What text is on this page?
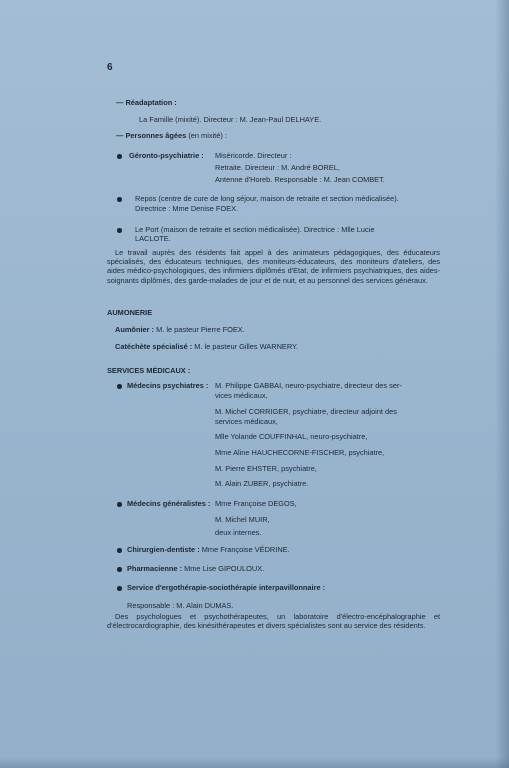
6
— Réadaptation :
La Famille (mixité). Directeur : M. Jean-Paul DELHAYE.
— Personnes âgées (en mixité) :
Géronto-psychiatrie : Miséricorde. Directeur :
Retraite. Directeur : M. André BOREL,
Antenne d'Horeb. Responsable : M. Jean COMBET.
Repos (centre de cure de long séjour, maison de retraite et section médicalisée).
Directrice : Mme Denise FOEX.
Le Port (maison de retraite et section médicalisée). Directrice : Mlle Lucie
LACLOTE.
Le travail auprès des résidents fait appel à des animateurs pédagogiques, des éducateurs spécialisés, des éducateurs techniques, des moniteurs-éducateurs, des moniteurs d'ateliers, des aides médico-psychologiques, des infirmiers diplômés d'Etat, de infirmiers psychiatriques, des aides-soignants diplômés, des garde-malades de jour et de nuit, et au personnel des services généraux.
AUMONERIE
Aumônier : M. le pasteur Pierre FOEX.
Catéchète spécialisé : M. le pasteur Gilles WARNERY.
SERVICES MÉDICAUX :
Médecins psychiatres : M. Philippe GABBAI, neuro-psychiatre, directeur des ser-
vices médicaux,
M. Michel CORRIGER, psychiatre, directeur adjoint des
services médicaux,
Mlle Yolande COUFFINHAL, neuro-psychiatre,
Mme Aline HAUCHECORNE-FISCHER, psychiatre,
M. Pierre EHSTER, psychiatre,
M. Alain ZUBER, psychiatre.
Médecins généralistes : Mme Françoise DEGOS,
M. Michel MUIR,
deux internes.
Chirurgien-dentiste : Mme Françoise VÉDRINE.
Pharmacienne : Mme Lise GIPOULOUX.
Service d'ergothérapie-sociothérapie interpavillonnaire :
Responsable : M. Alain DUMAS.
Des psychologues et psychothérapeutes, un laboratoire d'électro-encéphalographie et d'électrocardiographie, des kinésithérapeutes et divers spécialistes sont au service des résidents.
